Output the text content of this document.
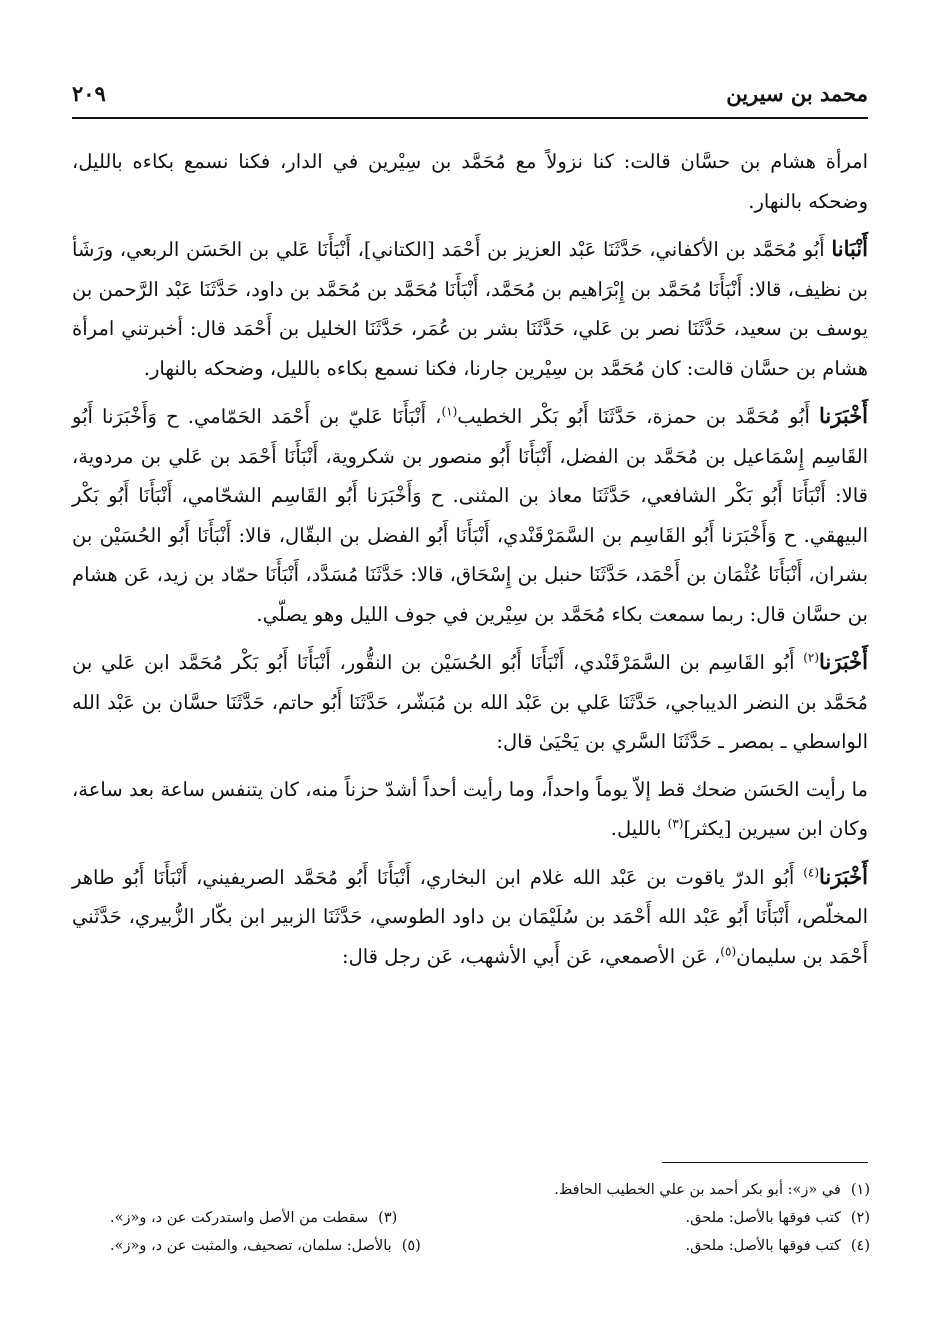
محمد بن سيرين
٢٠٩

امرأة هشام بن حسَّان قالت: كنا نزولاً مع مُحَمَّد بن سِيْرين في الدار، فكنا نسمع بكاءه بالليل، وضحكه بالنهار.

أَنْبَانا أَبُو مُحَمَّد بن الأكفاني، حَدَّثَنَا عَبْد العزيز بن أَحْمَد [الكتاني]، أَنْبَأَنَا عَلي بن الحَسَن الربعي، ورَشَأ بن نظيف، قالا: أَنْبَأَنَا مُحَمَّد بن إِبْرَاهيم بن مُحَمَّد، أَنْبَأَنَا مُحَمَّد بن مُحَمَّد بن داود، حَدَّثَنَا عَبْد الرَّحمن بن يوسف بن سعيد، حَدَّثَنَا نصر بن عَلي، حَدَّثَنَا بشر بن عُمَر، حَدَّثَنَا الخليل بن أَحْمَد قال: أخبرتني امرأة هشام بن حسَّان قالت: كان مُحَمَّد بن سِيْرين جارنا، فكنا نسمع بكاءه بالليل، وضحكه بالنهار.

أَخْبَرَنا أَبُو مُحَمَّد بن حمزة، حَدَّثَنَا أَبُو بَكْر الخطيب$^{(١)}$، أَنْبَأَنَا عَليّ بن أَحْمَد الحَمّامي. ح وَأَخْبَرَنا أَبُو القَاسِم إِسْمَاعيل بن مُحَمَّد بن الفضل، أَنْبَأَنَا أَبُو منصور بن شكروية، أَنْبَأَنَا أَحْمَد بن عَلي بن مردوية، قالا: أَنْبَأَنَا أَبُو بَكْر الشافعي، حَدَّثَنَا معاذ بن المثنى. ح وَأَخْبَرَنا أَبُو القَاسِم الشحّامي، أَنْبَأَنَا أَبُو بَكْر البيهقي. ح وَأَخْبَرَنا أَبُو القَاسِم بن السَّمَرْقَنْدي، أَنْبَأَنَا أَبُو الفضل بن البقّال، قالا: أَنْبَأَنَا أَبُو الحُسَيْن بن بشران، أَنْبَأَنَا عُثْمَان بن أَحْمَد، حَدَّثَنَا حنبل بن إِسْحَاق، قالا: حَدَّثَنَا مُسَدَّد، أَنْبَأَنَا حمّاد بن زيد، عَن هشام بن حسَّان قال: ربما سمعت بكاء مُحَمَّد بن سِيْرين في جوف الليل وهو يصلّي.

أَخْبَرَنا$^{(٢)}$ أَبُو القَاسِم بن السَّمَرْقَنْدي، أَنْبَأَنَا أَبُو الحُسَيْن بن النقُّور، أَنْبَأَنَا أَبُو بَكْر مُحَمَّد ابن عَلي بن مُحَمَّد بن النضر الديباجي، حَدَّثَنَا عَلي بن عَبْد الله بن مُبَشّر، حَدَّثَنَا أَبُو حاتم، حَدَّثَنَا حسَّان بن عَبْد الله الواسطي ـ بمصر ـ حَدَّثَنَا السَّري بن يَحْيَىٰ قال:

ما رأيت الحَسَن ضحك قط إلاّ يوماً واحداً، وما رأيت أحداً أشدّ حزناً منه، كان يتنفس ساعة بعد ساعة، وكان ابن سيرين [يكثر]$^{(٣)}$ بالليل.

أَخْبَرَنا$^{(٤)}$ أَبُو الدرّ ياقوت بن عَبْد الله غلام ابن البخاري، أَنْبَأَنَا أَبُو مُحَمَّد الصريفيني، أَنْبَأَنَا أَبُو طاهر المخلّص، أَنْبَأَنَا أَبُو عَبْد الله أَحْمَد بن سُلَيْمَان بن داود الطوسي، حَدَّثَنَا الزبير ابن بكّار الزُّبيري، حَدَّثَني أَحْمَد بن سليمان$^{(٥)}$، عَن الأصمعي، عَن أَبي الأشهب، عَن رجل قال:

(١)في «ز»: أبو بكر أحمد بن علي الخطيب الحافظ.
(٢)كتب فوقها بالأصل: ملحق.
(٣)سقطت من الأصل واستدركت عن د، و«ز».
(٤)كتب فوقها بالأصل: ملحق.
(٥)بالأصل: سلمان، تصحيف، والمثبت عن د، و«ز».
